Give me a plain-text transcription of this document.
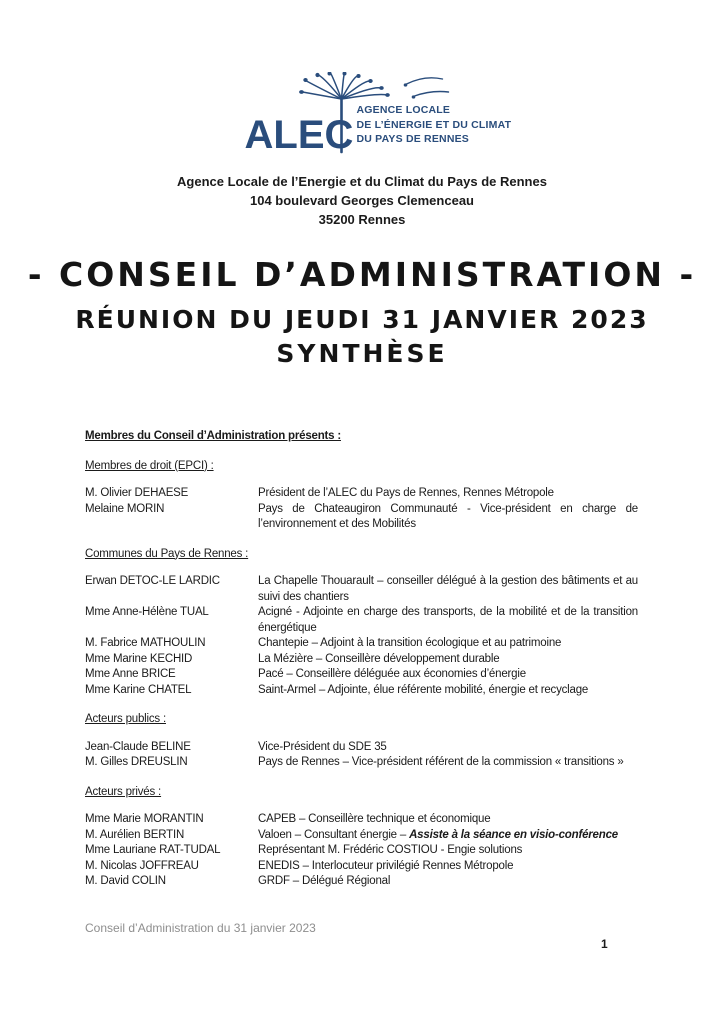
ALEC
AGENCE LOCALE
DE L’ÉNERGIE ET DU CLIMAT
DU PAYS DE RENNES
Agence Locale de l’Energie et du Climat du Pays de Rennes
104 boulevard Georges Clemenceau
35200 Rennes
- CONSEIL D’ADMINISTRATION -
RÉUNION DU JEUDI 31 JANVIER 2023
SYNTHÈSE
Membres du Conseil d’Administration présents :
Membres de droit (EPCI) :
M. Olivier DEHAESE	Président de l’ALEC du Pays de Rennes, Rennes Métropole
Melaine MORIN	Pays de Chateaugiron Communauté - Vice-président en charge de l’environnement et des Mobilités
Communes du Pays de Rennes :
Erwan DETOC-LE LARDIC	La Chapelle Thouarault – conseiller délégué à la gestion des bâtiments et au suivi des chantiers
Mme Anne-Hélène TUAL	Acigné - Adjointe en charge des transports, de la mobilité et de la transition énergétique
M. Fabrice MATHOULIN	Chantepie – Adjoint à la transition écologique et au patrimoine
Mme Marine KECHID	La Mézière – Conseillère développement durable
Mme Anne BRICE	Pacé – Conseillère déléguée aux économies d’énergie
Mme Karine CHATEL	Saint-Armel – Adjointe, élue référente mobilité, énergie et recyclage
Acteurs publics :
Jean-Claude BELINE	Vice-Président du SDE 35
M. Gilles DREUSLIN	Pays de Rennes – Vice-président référent de la commission « transitions »
Acteurs privés :
Mme Marie MORANTIN	CAPEB – Conseillère technique et économique
M. Aurélien BERTIN	Valoen – Consultant énergie – Assiste à la séance en visio-conférence
Mme Lauriane RAT-TUDAL	Représentant M. Frédéric COSTIOU - Engie solutions
M. Nicolas JOFFREAU	ENEDIS – Interlocuteur privilégié Rennes Métropole
M. David COLIN	GRDF – Délégué Régional
Conseil d’Administration du 31 janvier 2023
1
